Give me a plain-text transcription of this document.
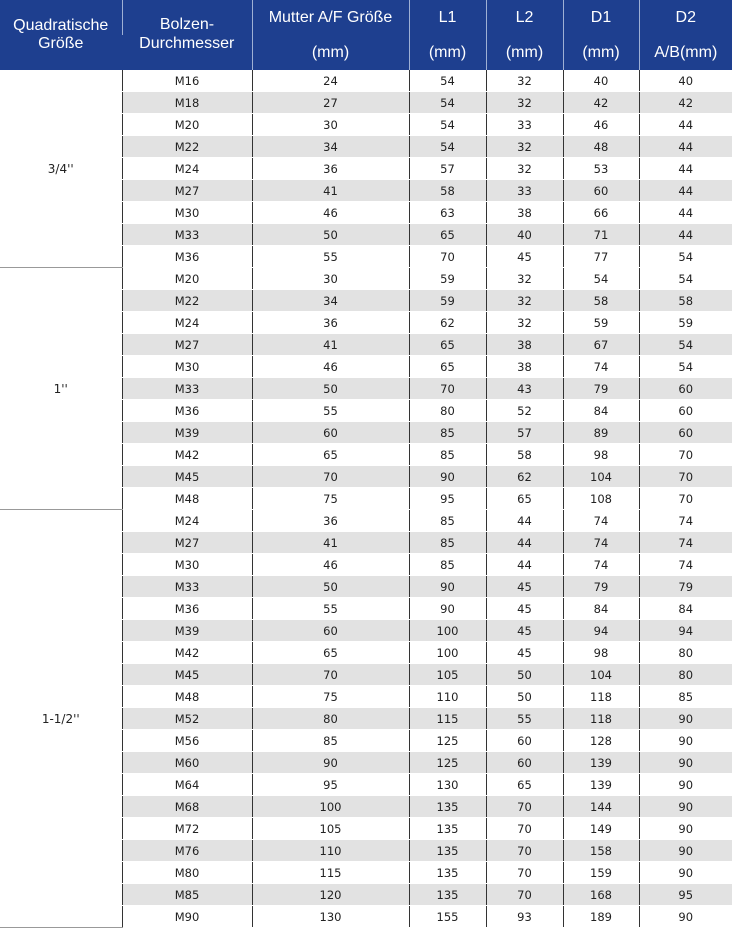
Quadratische
Größe	Bolzen-	Mutter A/F Größe	L1	L2	D1	D2
	Durchmesser	(mm)	(mm)	(mm)	(mm)	A/B(mm)
3/4''	M16	24	54	32	40	40
	M18	27	54	32	42	42
	M20	30	54	33	46	44
	M22	34	54	32	48	44
	M24	36	57	32	53	44
	M27	41	58	33	60	44
	M30	46	63	38	66	44
	M33	50	65	40	71	44
	M36	55	70	45	77	54
1''	M20	30	59	32	54	54
	M22	34	59	32	58	58
	M24	36	62	32	59	59
	M27	41	65	38	67	54
	M30	46	65	38	74	54
	M33	50	70	43	79	60
	M36	55	80	52	84	60
	M39	60	85	57	89	60
	M42	65	85	58	98	70
	M45	70	90	62	104	70
	M48	75	95	65	108	70
1-1/2''	M24	36	85	44	74	74
	M27	41	85	44	74	74
	M30	46	85	44	74	74
	M33	50	90	45	79	79
	M36	55	90	45	84	84
	M39	60	100	45	94	94
	M42	65	100	45	98	80
	M45	70	105	50	104	80
	M48	75	110	50	118	85
	M52	80	115	55	118	90
	M56	85	125	60	128	90
	M60	90	125	60	139	90
	M64	95	130	65	139	90
	M68	100	135	70	144	90
	M72	105	135	70	149	90
	M76	110	135	70	158	90
	M80	115	135	70	159	90
	M85	120	135	70	168	95
	M90	130	155	93	189	90
